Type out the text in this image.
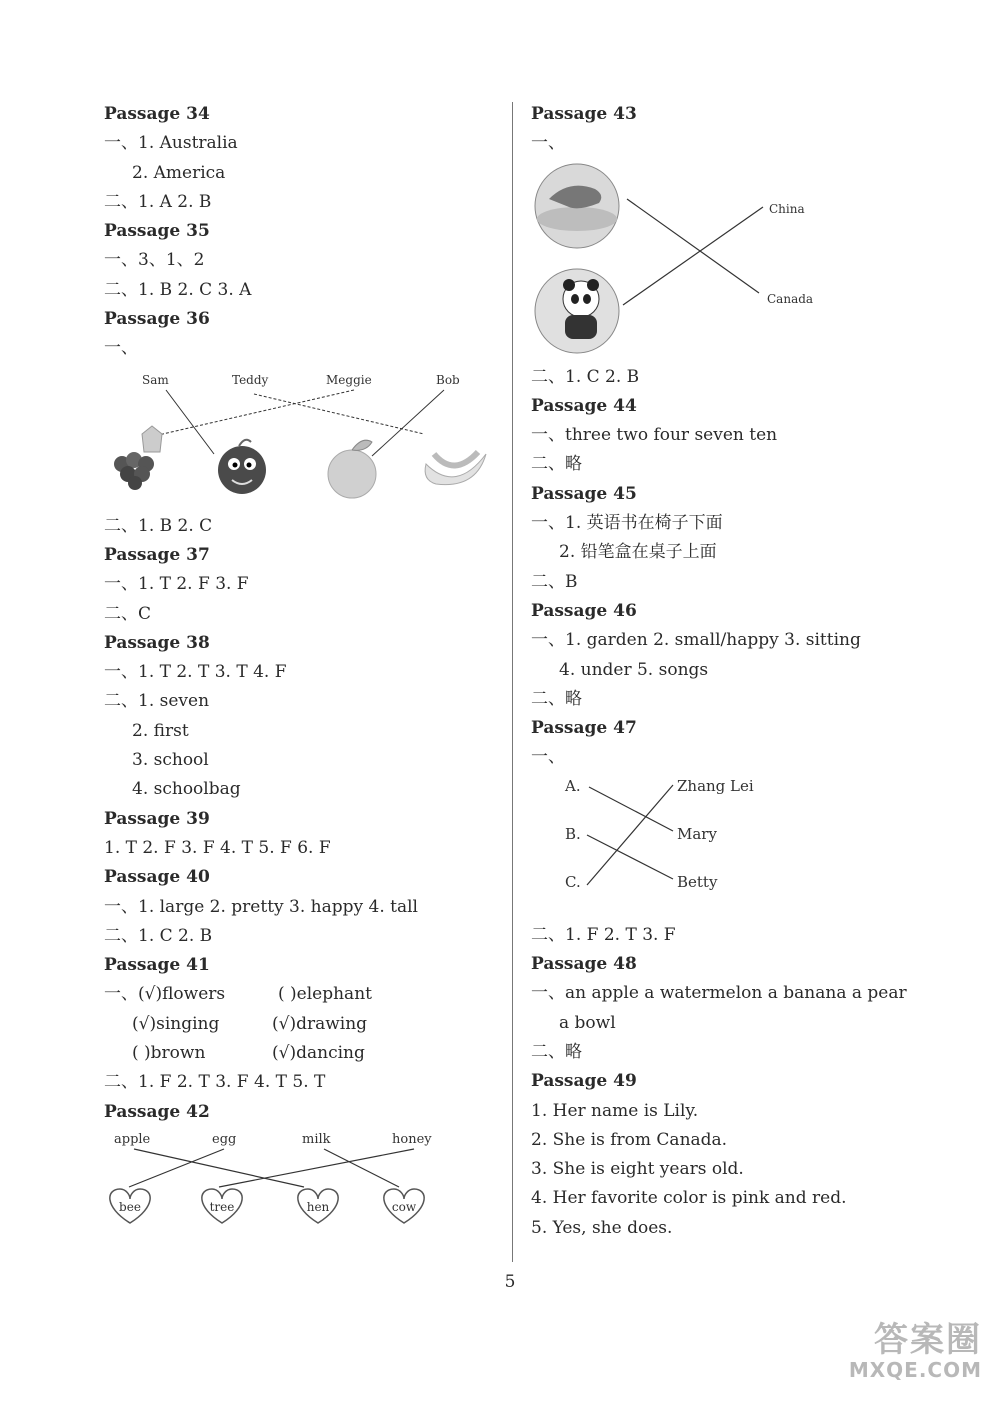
Passage 34
一、1. Australia
2. America
二、1. A 2. B
Passage 35
一、3、1、2
二、1. B 2. C 3. A
Passage 36
一、
Sam	Teddy	Meggie	Bob
二、1. B 2. C
Passage 37
一、1. T 2. F 3. F
二、C
Passage 38
一、1. T 2. T 3. T 4. F
二、1. seven
2. first
3. school
4. schoolbag
Passage 39
1. T 2. F 3. F 4. T 5. F 6. F
Passage 40
一、1. large 2. pretty 3. happy 4. tall
二、1. C 2. B
Passage 41
一、(√)flowers	( )elephant
(√)singing	(√)drawing
( )brown	(√)dancing
二、1. F 2. T 3. F 4. T 5. T
Passage 42
apple	egg	milk	honey
bee	tree	hen	cow
Passage 43
一、
China
Canada
二、1. C 2. B
Passage 44
一、three two four seven ten
二、略
Passage 45
一、1. 英语书在椅子下面
2. 铅笔盒在桌子上面
二、B
Passage 46
一、1. garden 2. small/happy 3. sitting
4. under 5. songs
二、略
Passage 47
一、
A.
B.
C.
Zhang Lei
Mary
Betty
二、1. F 2. T 3. F
Passage 48
一、an apple a watermelon a banana a pear
a bowl
二、略
Passage 49
1. Her name is Lily.
2. She is from Canada.
3. She is eight years old.
4. Her favorite color is pink and red.
5. Yes, she does.
5
答案圈
MXQE.COM
